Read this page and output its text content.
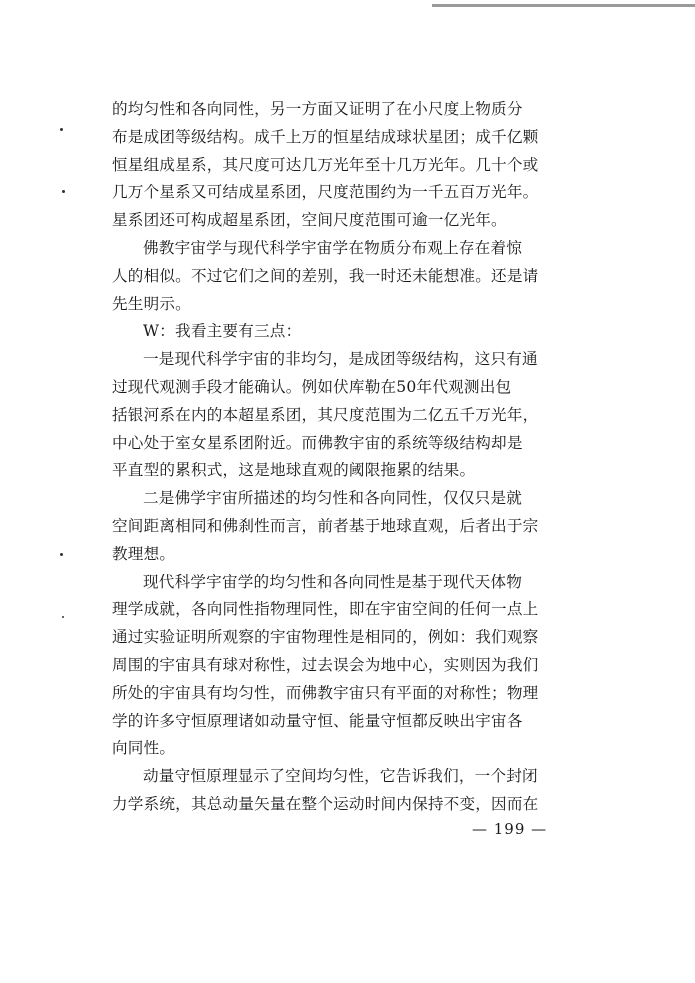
的均匀性和各向同性，另一方面又证明了在小尺度上物质分
布是成团等级结构。成千上万的恒星结成球状星团；成千亿颗
恒星组成星系，其尺度可达几万光年至十几万光年。几十个或
几万个星系又可结成星系团，尺度范围约为一千五百万光年。
星系团还可构成超星系团，空间尺度范围可逾一亿光年。
佛教宇宙学与现代科学宇宙学在物质分布观上存在着惊
人的相似。不过它们之间的差别，我一时还未能想准。还是请
先生明示。
W：我看主要有三点：
一是现代科学宇宙的非均匀，是成团等级结构，这只有通
过现代观测手段才能确认。例如伏库勒在50年代观测出包
括银河系在内的本超星系团，其尺度范围为二亿五千万光年，
中心处于室女星系团附近。而佛教宇宙的系统等级结构却是
平直型的累积式，这是地球直观的阈限拖累的结果。
二是佛学宇宙所描述的均匀性和各向同性，仅仅只是就
空间距离相同和佛刹性而言，前者基于地球直观，后者出于宗
教理想。
现代科学宇宙学的均匀性和各向同性是基于现代天体物
理学成就，各向同性指物理同性，即在宇宙空间的任何一点上
通过实验证明所观察的宇宙物理性是相同的，例如：我们观察
周围的宇宙具有球对称性，过去误会为地中心，实则因为我们
所处的宇宙具有均匀性，而佛教宇宙只有平面的对称性；物理
学的许多守恒原理诸如动量守恒、能量守恒都反映出宇宙各
向同性。
动量守恒原理显示了空间均匀性，它告诉我们，一个封闭
力学系统，其总动量矢量在整个运动时间内保持不变，因而在
— 199 —
